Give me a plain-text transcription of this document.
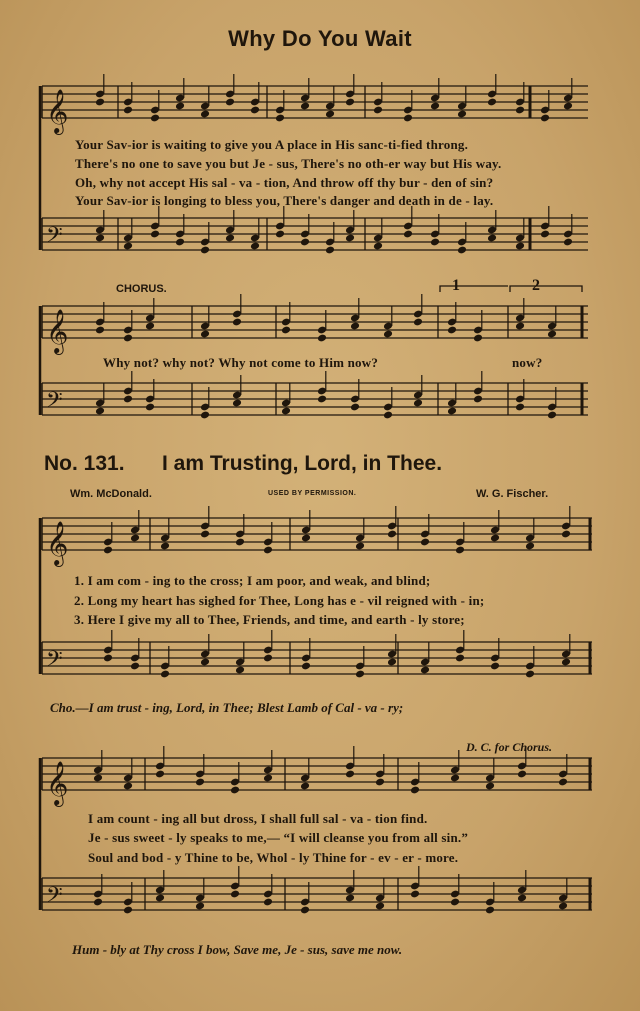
𝄞
𝄢
𝄞
𝄢
𝄞
𝄢
𝄞
𝄢
Why Do You Wait
Your Sav-ior is waiting to give you A place in His sanc-ti-fied throng.
There's no one to save you but Je - sus, There's no oth-er way but His way.
Oh, why not accept His sal - va - tion, And throw off thy bur - den of sin?
Your Sav-ior is longing to bless you, There's danger and death in de - lay.
CHORUS.	1	2
Why not? why not? Why not come to Him now?	now?
No. 131. I am Trusting, Lord, in Thee.
Wm. McDonald.	USED BY PERMISSION.	W. G. Fischer.
1. I am com - ing to the cross; I am poor, and weak, and blind;
2. Long my heart has sighed for Thee, Long has e - vil reigned with - in;
3. Here I give my all to Thee, Friends, and time, and earth - ly store;
Cho.—I am trust - ing, Lord, in Thee; Blest Lamb of Cal - va - ry;
D. C. for Chorus.
I am count - ing all but dross, I shall full sal - va - tion find.
Je - sus sweet - ly speaks to me,— “I will cleanse you from all sin.”
Soul and bod - y Thine to be, Whol - ly Thine for - ev - er - more.
Hum - bly at Thy cross I bow, Save me, Je - sus, save me now.
